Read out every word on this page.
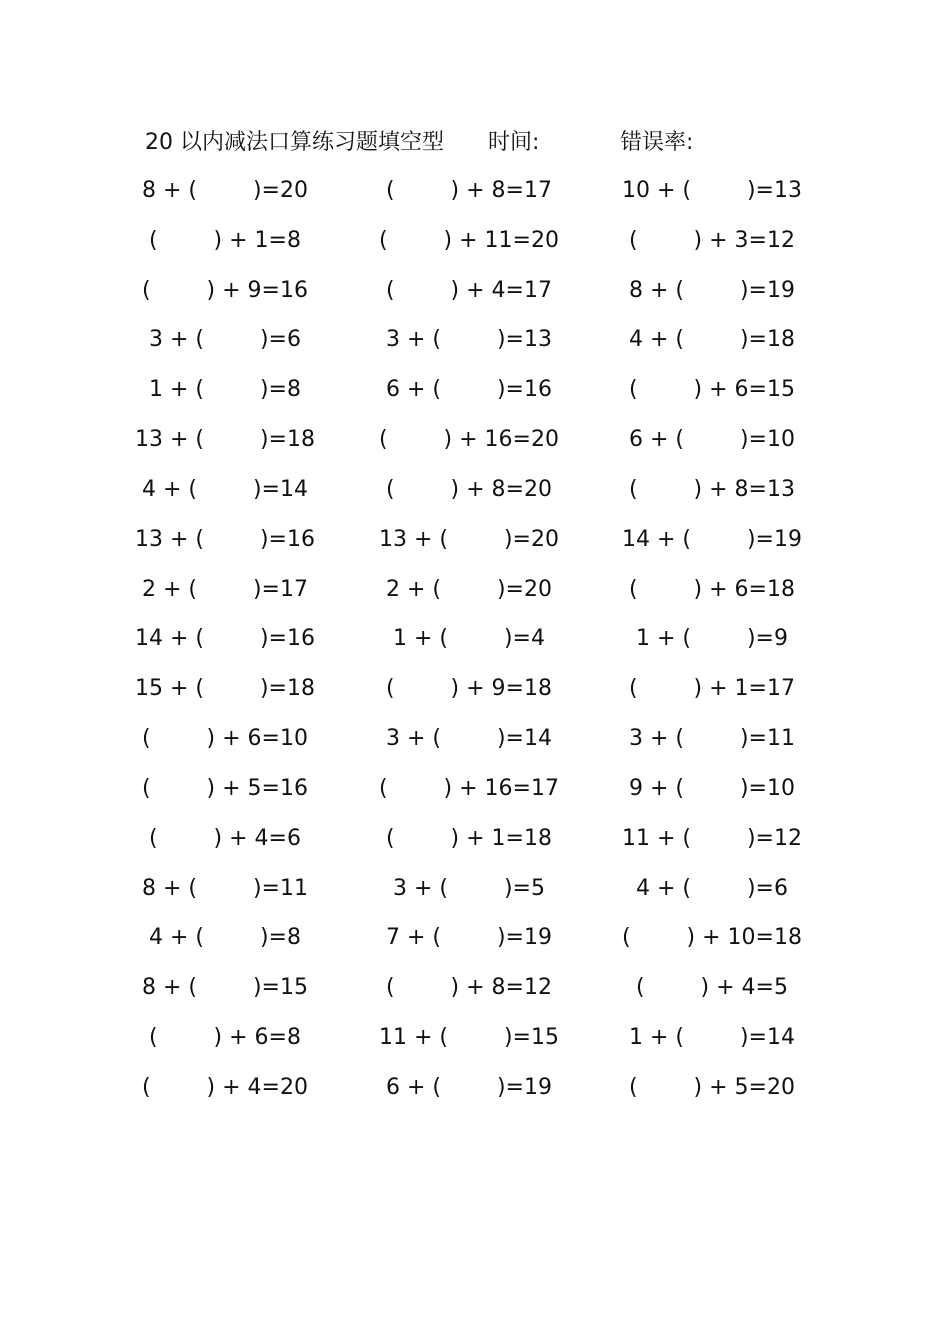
20 以内减法口算练习题填空型 时间:	错误率:
8 + (        )=20	(        ) + 8=17	10 + (        )=13
(        ) + 1=8	(        ) + 11=20	(        ) + 3=12
(        ) + 9=16	(        ) + 4=17	8 + (        )=19
3 + (        )=6	3 + (        )=13	4 + (        )=18
1 + (        )=8	6 + (        )=16	(        ) + 6=15
13 + (        )=18	(        ) + 16=20	6 + (        )=10
4 + (        )=14	(        ) + 8=20	(        ) + 8=13
13 + (        )=16	13 + (        )=20	14 + (        )=19
2 + (        )=17	2 + (        )=20	(        ) + 6=18
14 + (        )=16	1 + (        )=4	1 + (        )=9
15 + (        )=18	(        ) + 9=18	(        ) + 1=17
(        ) + 6=10	3 + (        )=14	3 + (        )=11
(        ) + 5=16	(        ) + 16=17	9 + (        )=10
(        ) + 4=6	(        ) + 1=18	11 + (        )=12
8 + (        )=11	3 + (        )=5	4 + (        )=6
4 + (        )=8	7 + (        )=19	(        ) + 10=18
8 + (        )=15	(        ) + 8=12	(        ) + 4=5
(        ) + 6=8	11 + (        )=15	1 + (        )=14
(        ) + 4=20	6 + (        )=19	(        ) + 5=20
